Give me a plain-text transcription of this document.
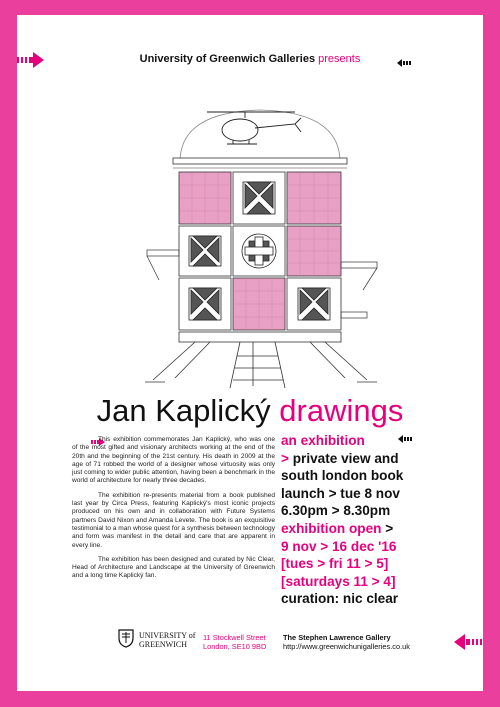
University of Greenwich Galleries presents
Jan Kaplický drawings

This exhibition commemorates Jan Kaplický, who was one of the most gifted and visionary architects working at the end of the 20th and the beginning of the 21st century. His death in 2009 at the age of 71 robbed the world of a designer whose virtuosity was only just coming to wider public attention, having been a benchmark in the world of architecture for nearly three decades.

The exhibition re-presents material from a book published last year by Circa Press, featuring Kaplický's most iconic projects produced on his own and in collaboration with Future Systems partners David Nixon and Amanda Levete. The book is an exquisitive testimonial to a man whose quest for a synthesis between technology and form was manifest in the detail and care that are apparent in every line.

The exhibition has been designed and curated by Nic Clear, Head of Architecture and Landscape at the University of Greenwich and a long time Kaplický fan.

an exhibition
> private view and
south london book
launch > tue 8 nov
6.30pm > 8.30pm
exhibition open >
9 nov > 16 dec '16
[tues > fri 11 > 5]
[saturdays 11 > 4]
curation: nic clear
UNIVERSITY of
GREENWICH
11 Stockwell Street
London, SE10 9BD
The Stephen Lawrence Gallery
http://www.greenwichunigalleries.co.uk
